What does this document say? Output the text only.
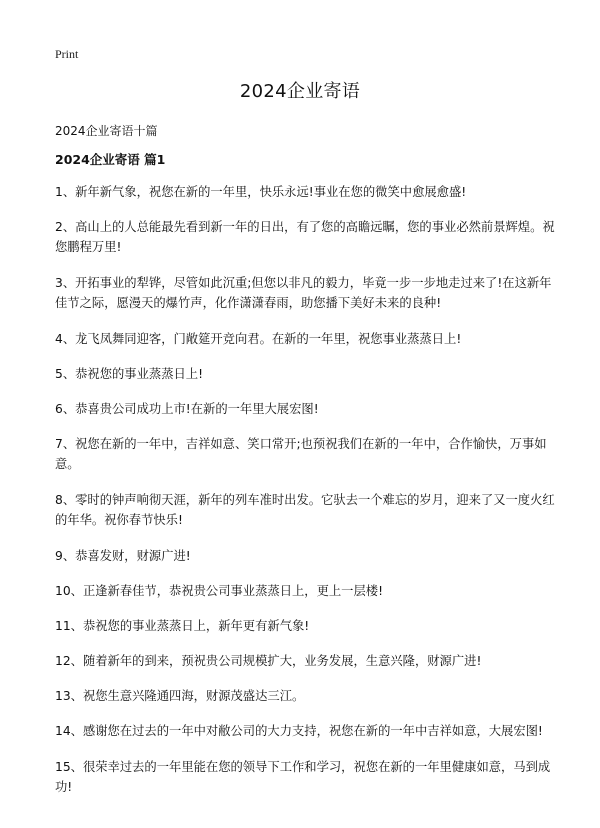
Print
2024企业寄语

2024企业寄语十篇

2024企业寄语 篇1
1、新年新气象，祝您在新的一年里，快乐永远!事业在您的微笑中愈展愈盛!
2、高山上的人总能最先看到新一年的日出，有了您的高瞻远瞩，您的事业必然前景辉煌。祝您鹏程万里!
3、开拓事业的犁铧，尽管如此沉重;但您以非凡的毅力，毕竟一步一步地走过来了!在这新年佳节之际，愿漫天的爆竹声，化作潇潇春雨，助您播下美好未来的良种!
4、龙飞凤舞同迎客，门敞筵开竞向君。在新的一年里，祝您事业蒸蒸日上!
5、恭祝您的事业蒸蒸日上!
6、恭喜贵公司成功上市!在新的一年里大展宏图!
7、祝您在新的一年中，吉祥如意、笑口常开;也预祝我们在新的一年中，合作愉快，万事如意。
8、零时的钟声响彻天涯，新年的列车准时出发。它驮去一个难忘的岁月，迎来了又一度火红的年华。祝你春节快乐!
9、恭喜发财，财源广进!
10、正逢新春佳节，恭祝贵公司事业蒸蒸日上，更上一层楼!
11、恭祝您的事业蒸蒸日上，新年更有新气象!
12、随着新年的到来，预祝贵公司规模扩大，业务发展，生意兴隆，财源广进!
13、祝您生意兴隆通四海，财源茂盛达三江。
14、感谢您在过去的一年中对敝公司的大力支持，祝您在新的一年中吉祥如意，大展宏图!
15、很荣幸过去的一年里能在您的领导下工作和学习，祝您在新的一年里健康如意，马到成功!
